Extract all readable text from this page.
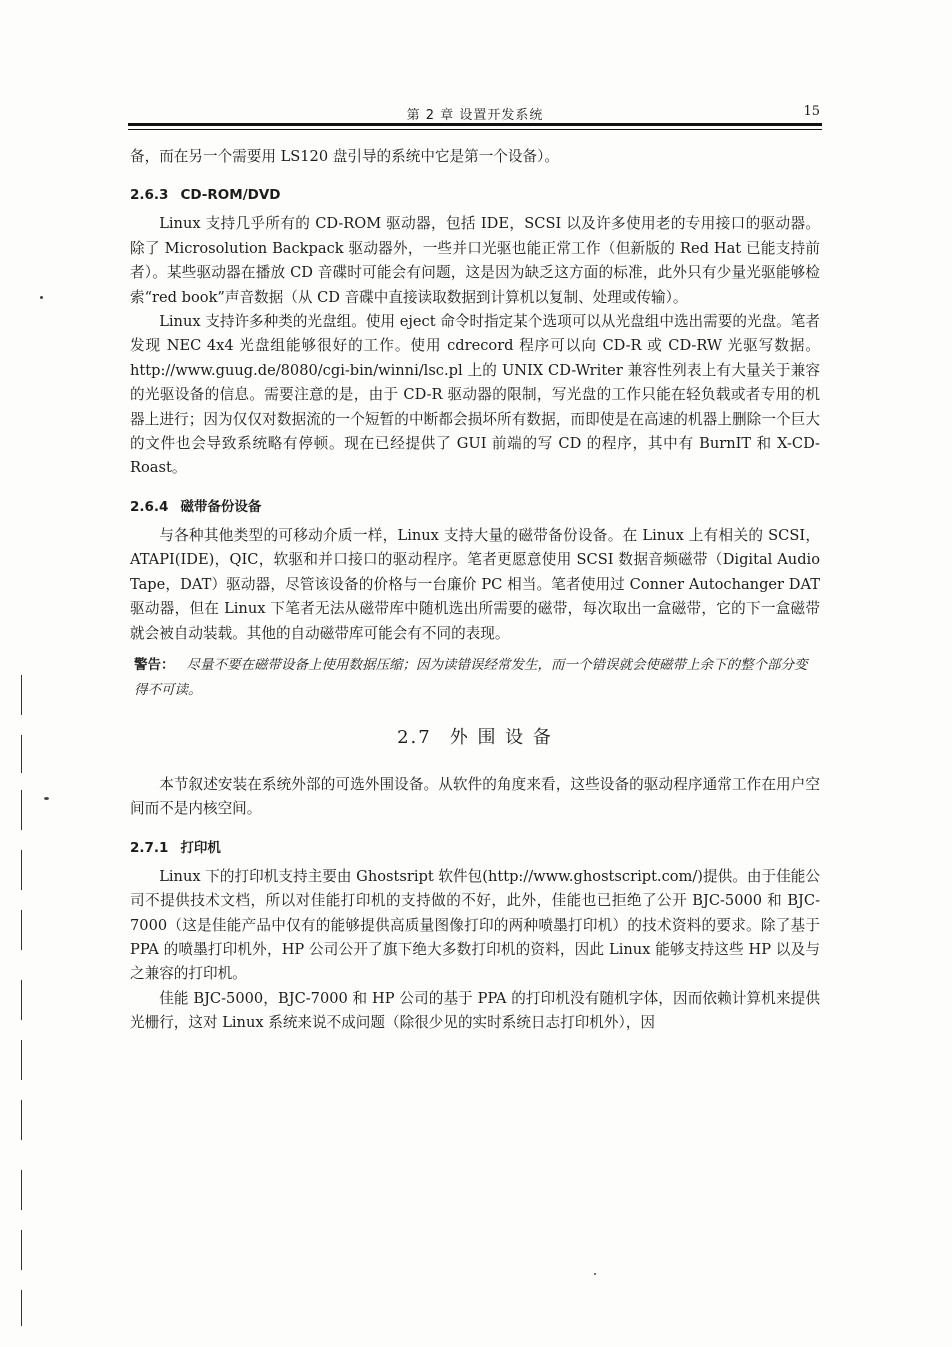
第 2 章 设置开发系统	15

备，而在另一个需要用 LS120 盘引导的系统中它是第一个设备）。

2.6.3 CD-ROM/DVD

Linux 支持几乎所有的 CD-ROM 驱动器，包括 IDE，SCSI 以及许多使用老的专用接口的驱动器。除了 Microsolution Backpack 驱动器外，一些并口光驱也能正常工作（但新版的 Red Hat 已能支持前者）。某些驱动器在播放 CD 音碟时可能会有问题，这是因为缺乏这方面的标准，此外只有少量光驱能够检索“red book”声音数据（从 CD 音碟中直接读取数据到计算机以复制、处理或传输）。

Linux 支持许多种类的光盘组。使用 eject 命令时指定某个选项可以从光盘组中选出需要的光盘。笔者发现 NEC 4x4 光盘组能够很好的工作。使用 cdrecord 程序可以向 CD-R 或 CD-RW 光驱写数据。http://www.guug.de/8080/cgi-bin/winni/lsc.pl 上的 UNIX CD-Writer 兼容性列表上有大量关于兼容的光驱设备的信息。需要注意的是，由于 CD-R 驱动器的限制，写光盘的工作只能在轻负载或者专用的机器上进行；因为仅仅对数据流的一个短暂的中断都会损坏所有数据，而即使是在高速的机器上删除一个巨大的文件也会导致系统略有停顿。现在已经提供了 GUI 前端的写 CD 的程序，其中有 BurnIT 和 X-CD-Roast。

2.6.4 磁带备份设备

与各种其他类型的可移动介质一样，Linux 支持大量的磁带备份设备。在 Linux 上有相关的 SCSI，ATAPI(IDE)，QIC，软驱和并口接口的驱动程序。笔者更愿意使用 SCSI 数据音频磁带（Digital Audio Tape，DAT）驱动器，尽管该设备的价格与一台廉价 PC 相当。笔者使用过 Conner Autochanger DAT 驱动器，但在 Linux 下笔者无法从磁带库中随机选出所需要的磁带，每次取出一盒磁带，它的下一盒磁带就会被自动装载。其他的自动磁带库可能会有不同的表现。

警告： 尽量不要在磁带设备上使用数据压缩；因为读错误经常发生，而一个错误就会使磁带上余下的整个部分变得不可读。
2.7 外 围 设 备

本节叙述安装在系统外部的可选外围设备。从软件的角度来看，这些设备的驱动程序通常工作在用户空间而不是内核空间。

2.7.1 打印机

Linux 下的打印机支持主要由 Ghostsript 软件包(http://www.ghostscript.com/)提供。由于佳能公司不提供技术文档，所以对佳能打印机的支持做的不好，此外，佳能也已拒绝了公开 BJC-5000 和 BJC-7000（这是佳能产品中仅有的能够提供高质量图像打印的两种喷墨打印机）的技术资料的要求。除了基于 PPA 的喷墨打印机外，HP 公司公开了旗下绝大多数打印机的资料，因此 Linux 能够支持这些 HP 以及与之兼容的打印机。

佳能 BJC-5000，BJC-7000 和 HP 公司的基于 PPA 的打印机没有随机字体，因而依赖计算机来提供光栅行，这对 Linux 系统来说不成问题（除很少见的实时系统日志打印机外），因
